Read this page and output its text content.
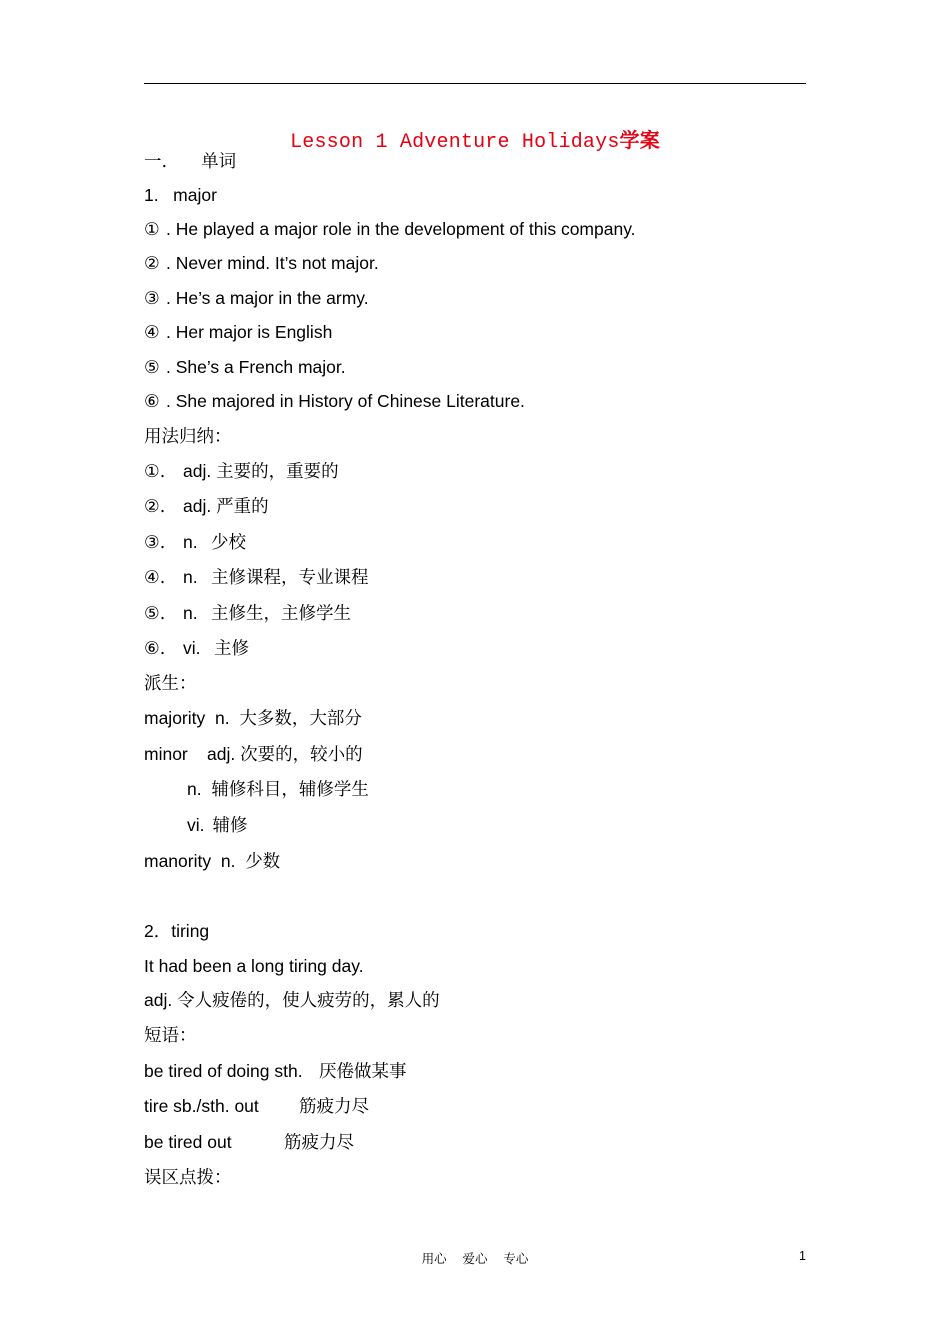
Lesson 1 Adventure Holidays学案
一. 单词
1.   major
① . He played a major role in the development of this company.
② . Never mind. It’s not major.
③ . He’s a major in the army.
④ . Her major is English
⑤ . She’s a French major.
⑥ . She majored in History of Chinese Literature.
用法归纳：
①. adj. 主要的，重要的
②. adj. 严重的
③. n. 少校
④. n. 主修课程，专业课程
⑤. n. 主修生，主修学生
⑥. vi. 主修
派生：
majority n. 大多数，大部分
minor adj. 次要的，较小的
n. 辅修科目，辅修学生
vi. 辅修
manority n. 少数
2．tiring
It had been a long tiring day.
adj. 令人疲倦的，使人疲劳的，累人的
短语：
be tired of doing sth. 厌倦做某事
tire sb./sth. out 筋疲力尽
be tired out	筋疲力尽
误区点拨：
用心    爱心    专心	1
